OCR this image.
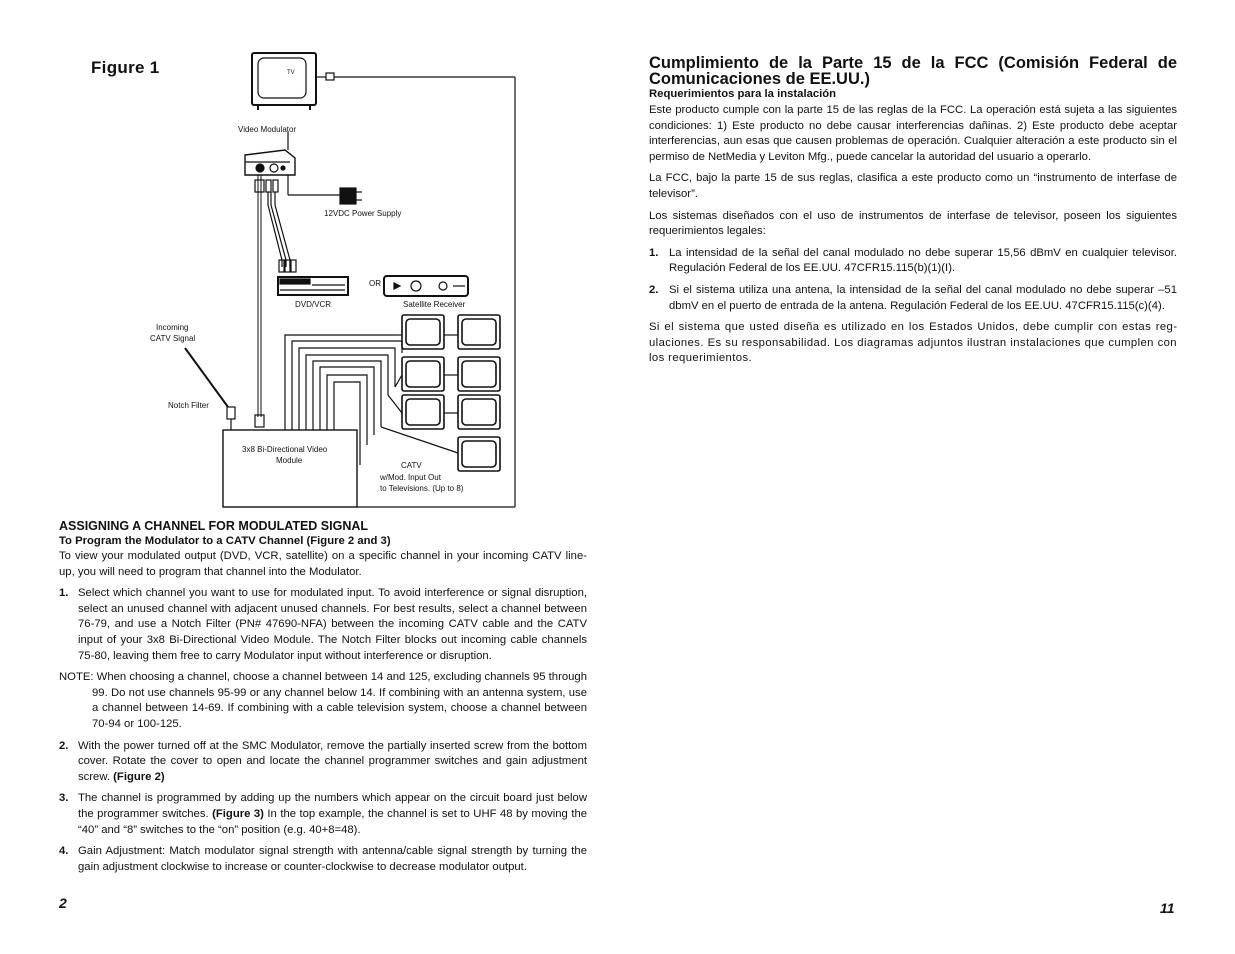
Figure 1	TV
Video Modulator
12VDC Power Supply
OR
DVD/VCR	Satellite Receiver
Incoming
CATV Signal
Notch Filter
3x8 Bi-Directional Video
Module
CATV
w/Mod. Input Out
to Televisions. (Up to 8)
ASSIGNING A CHANNEL FOR MODULATED SIGNAL
To Program the Modulator to a CATV Channel (Figure 2 and 3)
To view your modulated output (DVD, VCR, satellite) on a specific channel in your incoming CATV line-up, you will need to program that channel into the Modulator.
1. Select which channel you want to use for modulated input. To avoid interference or signal disruption, select an unused channel with adjacent unused channels. For best results, select a channel between 76-79, and use a Notch Filter (PN# 47690-NFA) between the incoming CATV cable and the CATV input of your 3x8 Bi-Directional Video Module. The Notch Filter blocks out incoming cable channels 75-80, leaving them free to carry Modulator input without interference or disruption.
NOTE: When choosing a channel, choose a channel between 14 and 125, excluding channels 95 through 99. Do not use channels 95-99 or any channel below 14. If combining with an antenna system, use a channel between 14-69. If combining with a cable television system, choose a channel between 70-94 or 100-125.
2. With the power turned off at the SMC Modulator, remove the partially inserted screw from the bottom cover. Rotate the cover to open and locate the channel programmer switches and gain adjustment screw. (Figure 2)
3. The channel is programmed by adding up the numbers which appear on the circuit board just below the programmer switches. (Figure 3) In the top example, the channel is set to UHF 48 by moving the “40” and “8” switches to the “on” position (e.g. 40+8=48).
4. Gain Adjustment: Match modulator signal strength with antenna/cable signal strength by turning the gain adjustment clockwise to increase or counter-clockwise to decrease modulator output.
Cumplimiento de la Parte 15 de la FCC (Comisión Federal de Comunicaciones de EE.UU.)
Requerimientos para la instalación
Este producto cumple con la parte 15 de las reglas de la FCC. La operación está sujeta a las siguientes condiciones: 1) Este producto no debe causar interferencias dañinas. 2) Este producto debe aceptar interferencias, aun esas que causen problemas de operación. Cualquier alteración a este producto sin el permiso de NetMedia y Leviton Mfg., puede cancelar la autoridad del usuario a operarlo.
La FCC, bajo la parte 15 de sus reglas, clasifica a este producto como un “instrumento de interfase de televisor”.
Los sistemas diseñados con el uso de instrumentos de interfase de televisor, poseen los siguientes requerimientos legales:
1. La intensidad de la señal del canal modulado no debe superar 15,56 dBmV en cualquier televisor. Regulación Federal de los EE.UU. 47CFR15.115(b)(1)(I).
2. Si el sistema utiliza una antena, la intensidad de la señal del canal modulado no debe superar –51 dbmV en el puerto de entrada de la antena. Regulación Federal de los EE.UU. 47CFR15.115(c)(4).
Si el sistema que usted diseña es utilizado en los Estados Unidos, debe cumplir con estas regulaciones. Es su responsabilidad. Los diagramas adjuntos ilustran instalaciones que cumplen con los requerimientos.
2	11
